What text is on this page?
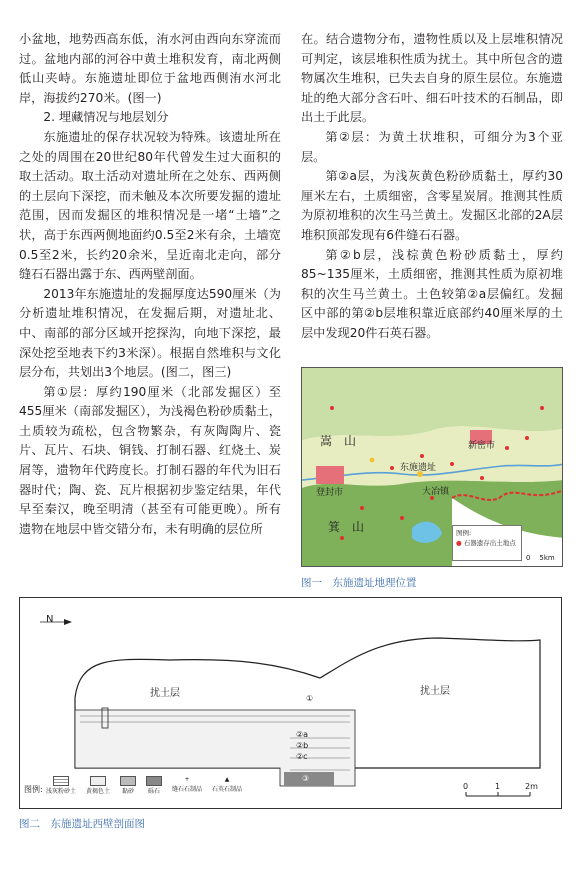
小盆地，地势西高东低，洧水河由西向东穿流而过。盆地内部的河谷中黄土堆积发育，南北两侧低山夹峙。东施遗址即位于盆地西侧洧水河北岸，海拔约270米。(图一)

2. 埋藏情况与地层划分

东施遗址的保存状况较为特殊。该遗址所在之处的周围在20世纪80年代曾发生过大面积的取土活动。取土活动对遗址所在之处东、西两侧的土层向下深挖，而未触及本次所要发掘的遗址范围，因而发掘区的堆积情况是一堵“土墙”之状，高于东西两侧地面约0.5至2米有余，土墙宽0.5至2米，长约20余米，呈近南北走向，部分缝石石器出露于东、西两壁剖面。

2013年东施遗址的发掘厚度达590厘米（为分析遗址堆积情况，在发掘后期，对遗址北、中、南部的部分区域开挖探沟，向地下深挖，最深处挖至地表下约3米深）。根据自然堆积与文化层分布，共划出3个地层。(图二，图三)

第①层：厚约190厘米（北部发掘区）至455厘米（南部发掘区），为浅褐色粉砂质黏土，土质较为疏松，包含物繁杂，有灰陶陶片、瓷片、瓦片、石块、铜钱、打制石器、红烧土、炭屑等，遗物年代跨度长。打制石器的年代为旧石器时代；陶、瓷、瓦片根据初步鉴定结果，年代早至秦汉，晚至明清（甚至有可能更晚）。所有遗物在地层中皆交错分布，未有明确的层位所

在。结合遗物分布，遗物性质以及上层堆积情况可判定，该层堆积性质为扰土。其中所包含的遗物属次生堆积，已失去自身的原生层位。东施遗址的绝大部分含石叶、细石叶技术的石制品，即出土于此层。

第②层：为黄土状堆积，可细分为3个亚层。

第②a层，为浅灰黄色粉砂质黏土，厚约30厘米左右，土质细密，含零星炭屑。推测其性质为原初堆积的次生马兰黄土。发掘区北部的2A层堆积顶部发现有6件缝石石器。

第②b层，浅棕黄色粉砂质黏土，厚约85~135厘米，土质细密，推测其性质为原初堆积的次生马兰黄土。土色较第②a层偏红。发掘区中部的第②b层堆积靠近底部约40厘米厚的土层中发现20件石英石器。

嵩　山
登封市
东施遗址
大冶镇
新密市
箕　山	图例:
● 石器遗存出土地点
0 5km
图一　东施遗址地理位置
N
扰土层	扰土层
①
②a
②b
②c
③
图例: 浅灰粉砂土 黄褐色土	黏砂	砾石
+
缝石石制品
▲
石英石制品	0	1	2m
图二　东施遗址西壁剖面图
